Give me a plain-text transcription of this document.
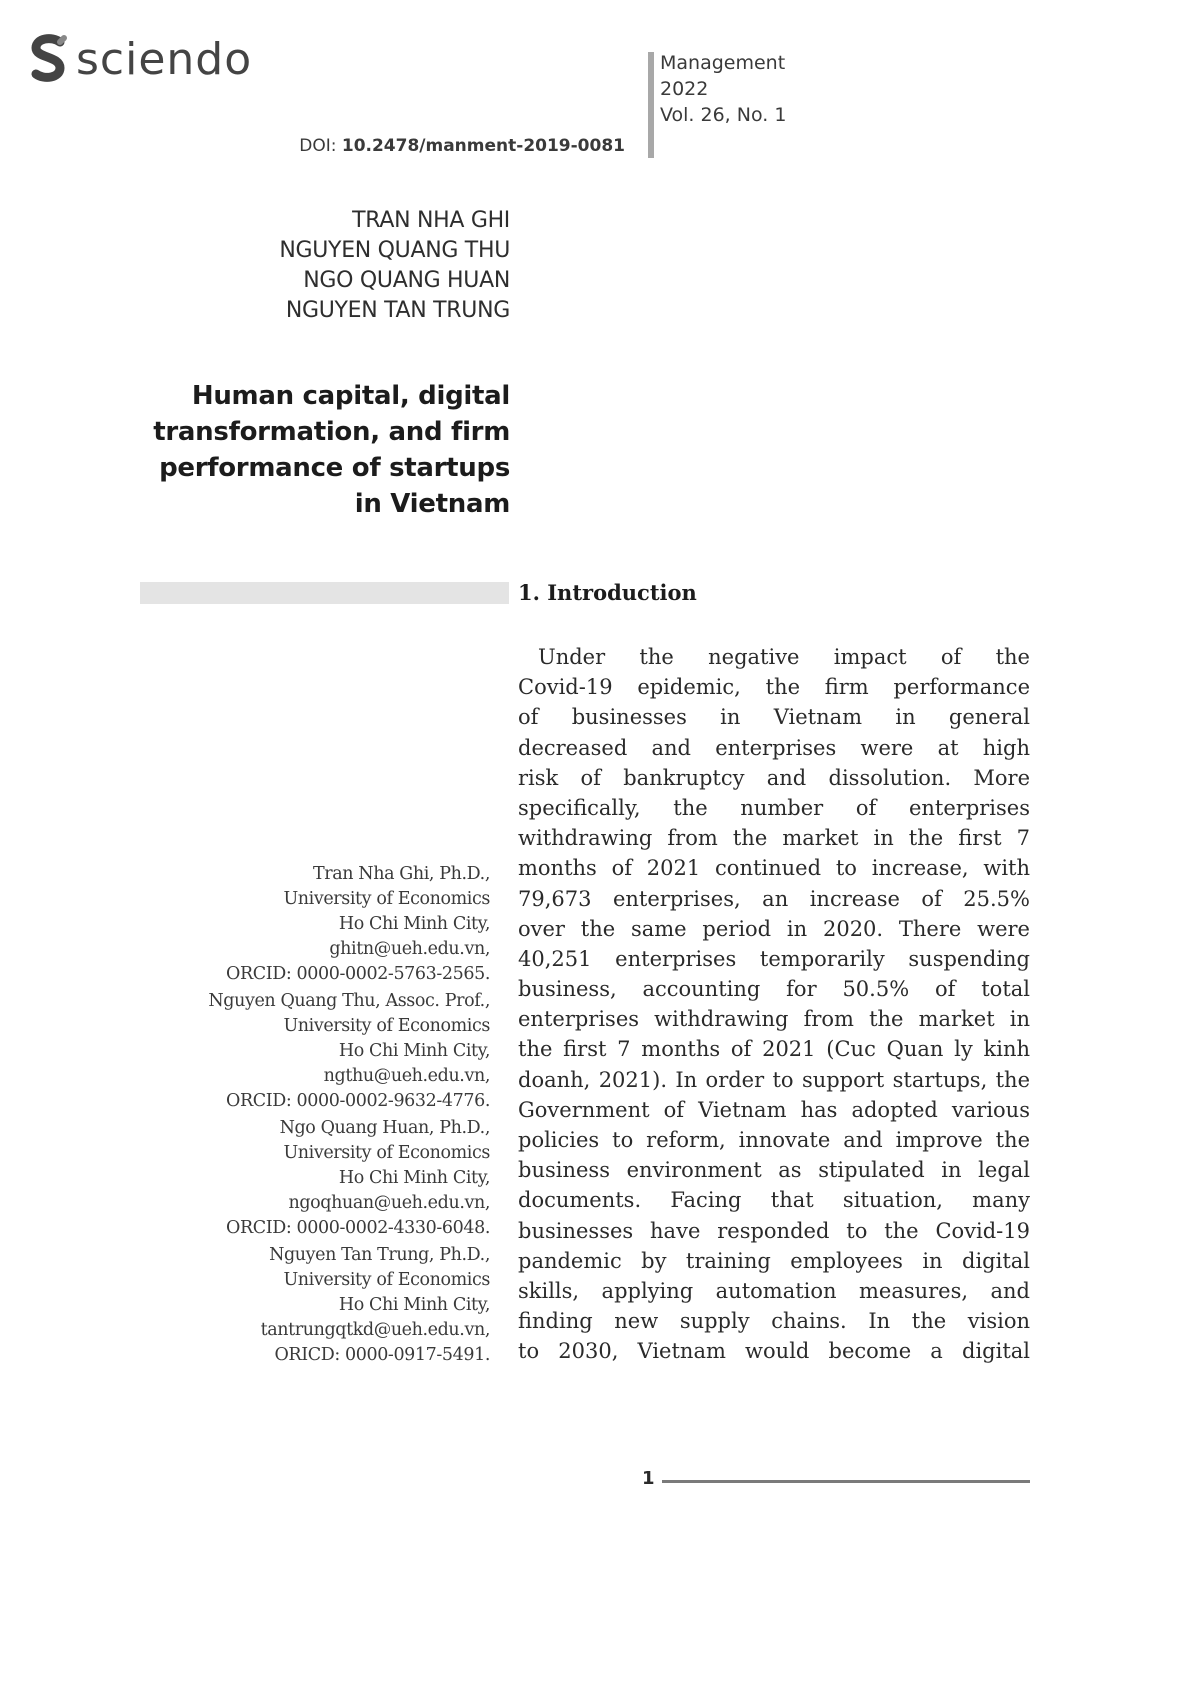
sciendo	Management
2022
Vol. 26, No. 1
DOI: 10.2478/manment-2019-0081
TRAN NHA GHI
NGUYEN QUANG THU
NGO QUANG HUAN
NGUYEN TAN TRUNG
Human capital, digital
transformation, and firm
performance of startups
in Vietnam
1. Introduction
Tran Nha Ghi, Ph.D.,
University of Economics
Ho Chi Minh City,
ghitn@ueh.edu.vn,
ORCID: 0000-0002-5763-2565.
Nguyen Quang Thu, Assoc. Prof.,
University of Economics
Ho Chi Minh City,
ngthu@ueh.edu.vn,
ORCID: 0000-0002-9632-4776.
Ngo Quang Huan, Ph.D.,
University of Economics
Ho Chi Minh City,
ngoqhuan@ueh.edu.vn,
ORCID: 0000-0002-4330-6048.
Nguyen Tan Trung, Ph.D.,
University of Economics
Ho Chi Minh City,
tantrungqtkd@ueh.edu.vn,
ORICD: 0000-0917-5491.
Under the negative impact of the
Covid-19 epidemic, the firm performance
of businesses in Vietnam in general
decreased and enterprises were at high
risk of bankruptcy and dissolution. More
specifically, the number of enterprises
withdrawing from the market in the first 7
months of 2021 continued to increase, with
79,673 enterprises, an increase of 25.5%
over the same period in 2020. There were
40,251 enterprises temporarily suspending
business, accounting for 50.5% of total
enterprises withdrawing from the market in
the first 7 months of 2021 (Cuc Quan ly kinh
doanh, 2021). In order to support startups, the
Government of Vietnam has adopted various
policies to reform, innovate and improve the
business environment as stipulated in legal
documents. Facing that situation, many
businesses have responded to the Covid-19
pandemic by training employees in digital
skills, applying automation measures, and
finding new supply chains. In the vision
to 2030, Vietnam would become a digital
1
